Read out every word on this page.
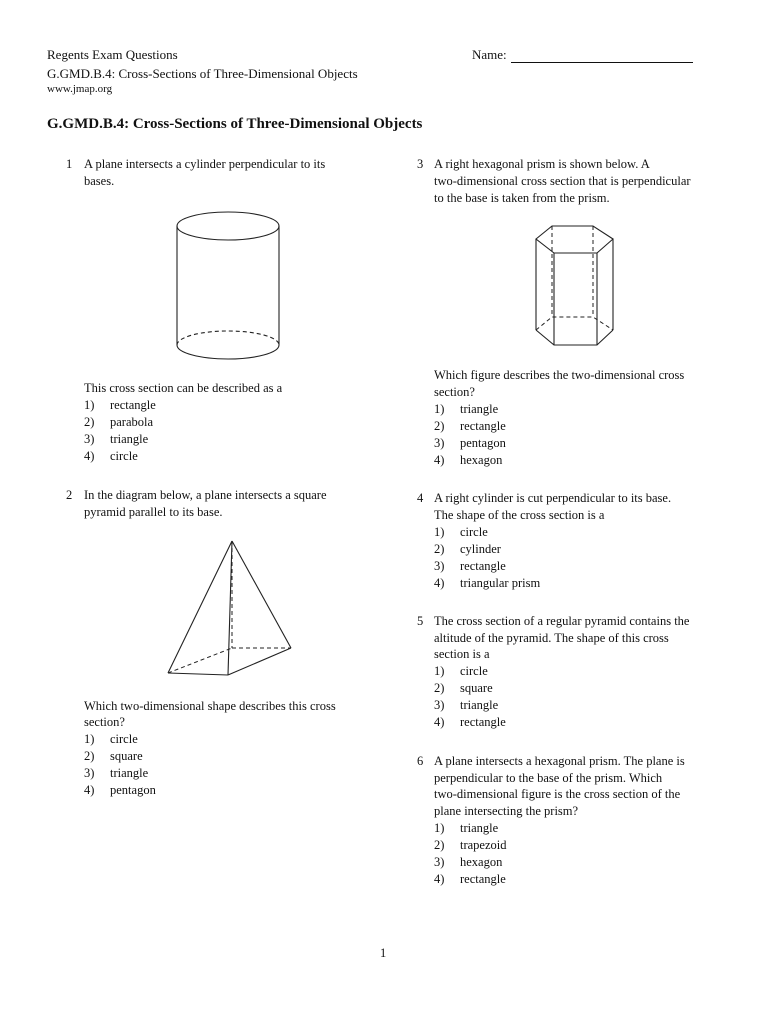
Regents Exam Questions
G.GMD.B.4: Cross-Sections of Three-Dimensional Objects
www.jmap.org
Name:
G.GMD.B.4: Cross-Sections of Three-Dimensional Objects
1 A plane intersects a cylinder perpendicular to its
bases.
This cross section can be described as a
1)	rectangle
2)	parabola
3)	triangle
4)	circle
2 In the diagram below, a plane intersects a square
pyramid parallel to its base.
Which two-dimensional shape describes this cross
section?
1)	circle
2)	square
3)	triangle
4)	pentagon
3 A right hexagonal prism is shown below. A
two-dimensional cross section that is perpendicular
to the base is taken from the prism.
Which figure describes the two-dimensional cross
section?
1)	triangle
2)	rectangle
3)	pentagon
4)	hexagon
4 A right cylinder is cut perpendicular to its base.
The shape of the cross section is a
1)	circle
2)	cylinder
3)	rectangle
4)	triangular prism
5 The cross section of a regular pyramid contains the
altitude of the pyramid. The shape of this cross
section is a
1)	circle
2)	square
3)	triangle
4)	rectangle
6 A plane intersects a hexagonal prism. The plane is
perpendicular to the base of the prism. Which
two-dimensional figure is the cross section of the
plane intersecting the prism?
1)	triangle
2)	trapezoid
3)	hexagon
4)	rectangle
1
